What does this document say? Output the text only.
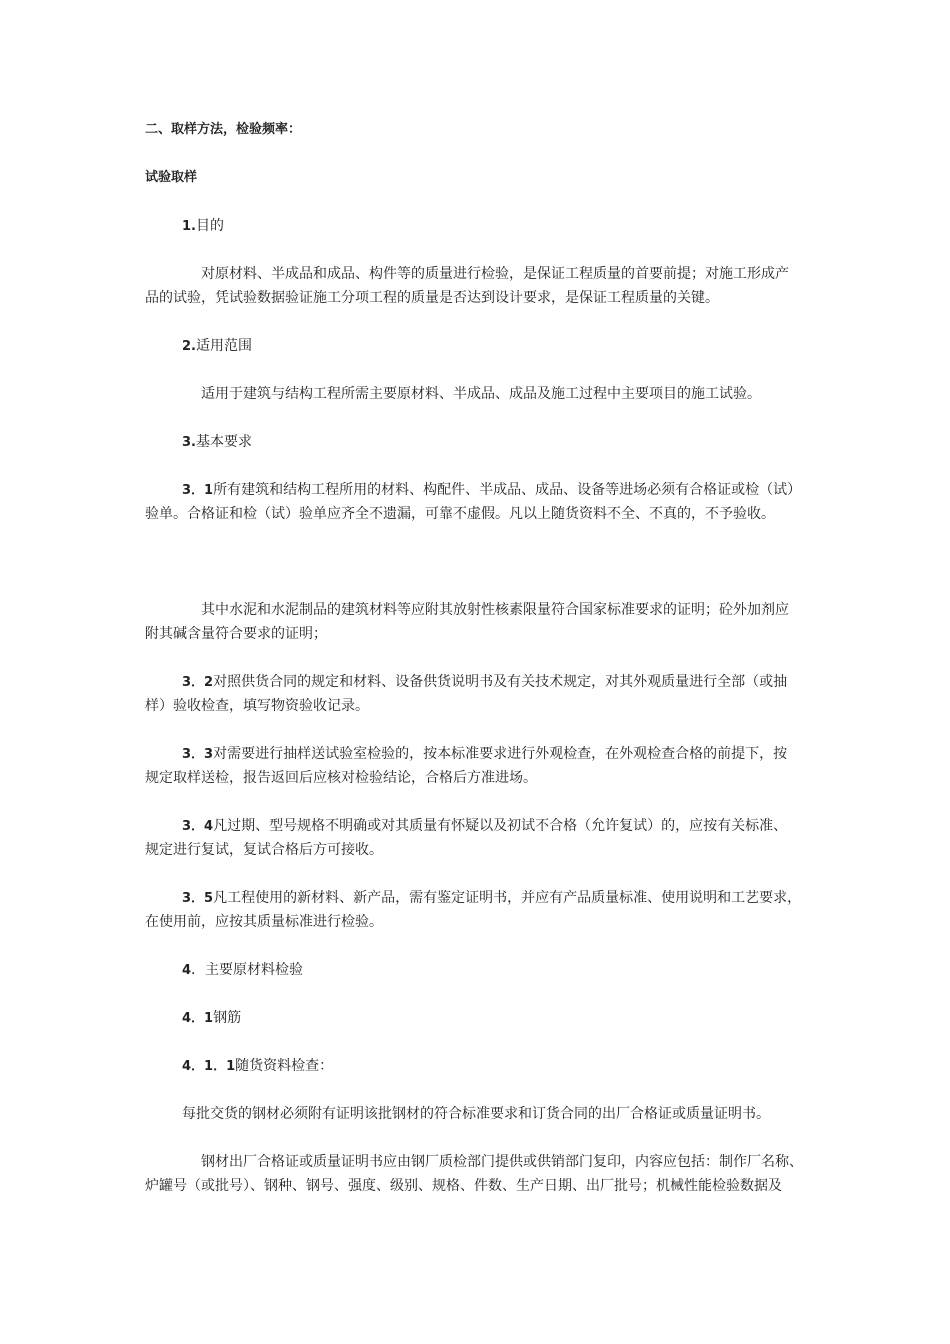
二、取样方法，检验频率：
试验取样
1.目的
对原材料、半成品和成品、构件等的质量进行检验，是保证工程质量的首要前提；对施工形成产
品的试验，凭试验数据验证施工分项工程的质量是否达到设计要求，是保证工程质量的关键。
2.适用范围
适用于建筑与结构工程所需主要原材料、半成品、成品及施工过程中主要项目的施工试验。
3.基本要求
3．1所有建筑和结构工程所用的材料、构配件、半成品、成品、设备等进场必须有合格证或检（试）
验单。合格证和检（试）验单应齐全不遗漏，可靠不虚假。凡以上随货资料不全、不真的，不予验收。
其中水泥和水泥制品的建筑材料等应附其放射性核素限量符合国家标准要求的证明；砼外加剂应
附其碱含量符合要求的证明；
3．2对照供货合同的规定和材料、设备供货说明书及有关技术规定，对其外观质量进行全部（或抽
样）验收检查，填写物资验收记录。
3．3对需要进行抽样送试验室检验的，按本标准要求进行外观检查，在外观检查合格的前提下，按
规定取样送检，报告返回后应核对检验结论，合格后方准进场。
3．4凡过期、型号规格不明确或对其质量有怀疑以及初试不合格（允许复试）的，应按有关标准、
规定进行复试，复试合格后方可接收。
3．5凡工程使用的新材料、新产品，需有鉴定证明书，并应有产品质量标准、使用说明和工艺要求，
在使用前，应按其质量标准进行检验。
4．主要原材料检验
4．1钢筋
4．1．1随货资料检查：
每批交货的钢材必须附有证明该批钢材的符合标准要求和订货合同的出厂合格证或质量证明书。
钢材出厂合格证或质量证明书应由钢厂质检部门提供或供销部门复印，内容应包括：制作厂名称、
炉罐号（或批号）、钢种、钢号、强度、级别、规格、件数、生产日期、出厂批号；机械性能检验数据及
